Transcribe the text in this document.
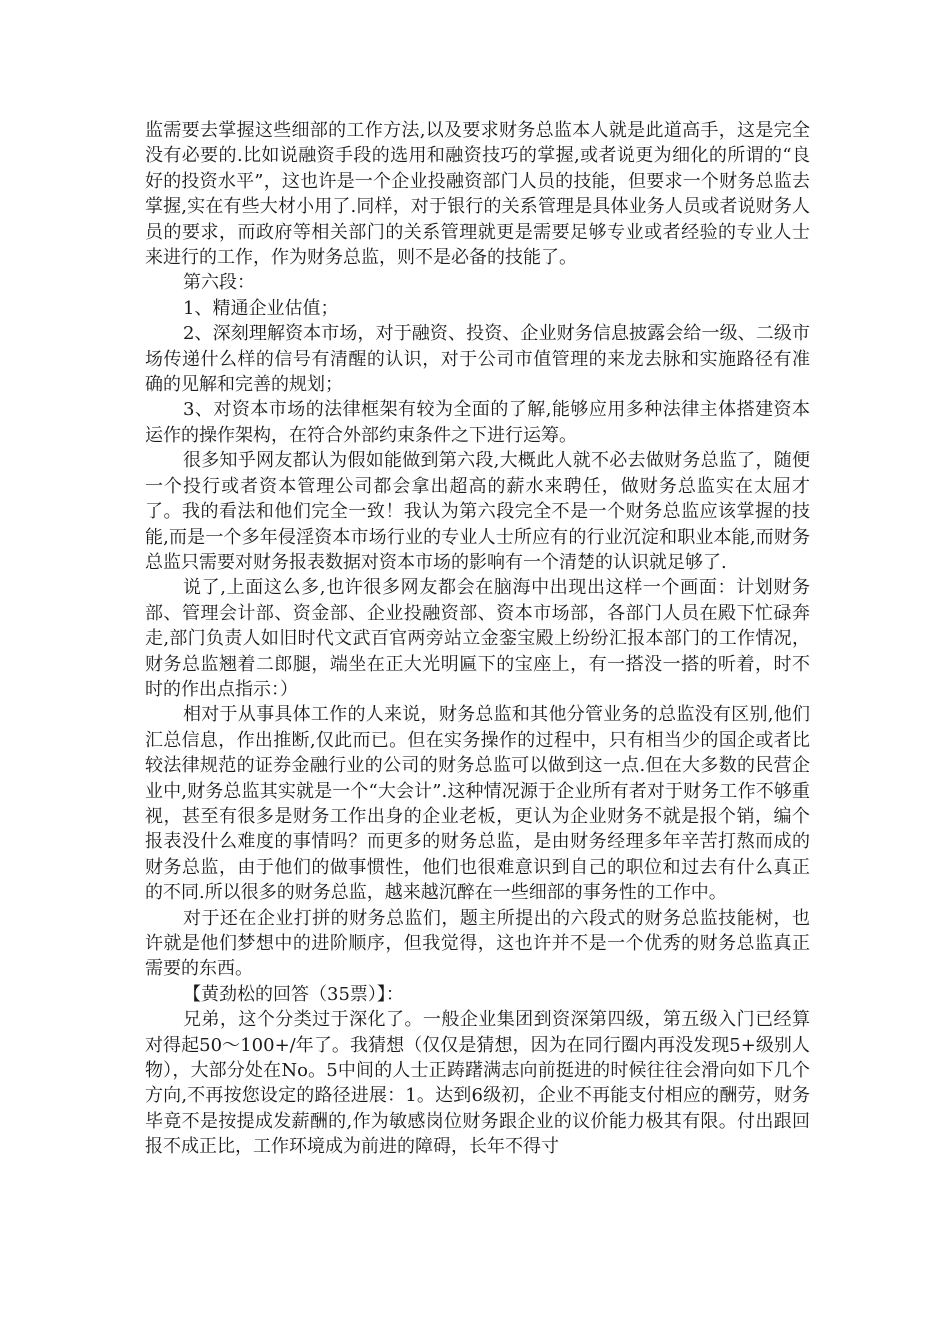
监需要去掌握这些细部的工作方法,以及要求财务总监本人就是此道高手，这是完全没有必要的.比如说融资手段的选用和融资技巧的掌握,或者说更为细化的所谓的“良好的投资水平”，这也许是一个企业投融资部门人员的技能，但要求一个财务总监去掌握,实在有些大材小用了.同样，对于银行的关系管理是具体业务人员或者说财务人员的要求，而政府等相关部门的关系管理就更是需要足够专业或者经验的专业人士来进行的工作，作为财务总监，则不是必备的技能了。

第六段：

1、精通企业估值；

2、深刻理解资本市场，对于融资、投资、企业财务信息披露会给一级、二级市场传递什么样的信号有清醒的认识，对于公司市值管理的来龙去脉和实施路径有准确的见解和完善的规划；

3、对资本市场的法律框架有较为全面的了解,能够应用多种法律主体搭建资本运作的操作架构，在符合外部约束条件之下进行运筹。

很多知乎网友都认为假如能做到第六段,大概此人就不必去做财务总监了，随便一个投行或者资本管理公司都会拿出超高的薪水来聘任，做财务总监实在太屈才了。我的看法和他们完全一致！我认为第六段完全不是一个财务总监应该掌握的技能,而是一个多年侵淫资本市场行业的专业人士所应有的行业沉淀和职业本能,而财务总监只需要对财务报表数据对资本市场的影响有一个清楚的认识就足够了.

说了,上面这么多,也许很多网友都会在脑海中出现出这样一个画面：计划财务部、管理会计部、资金部、企业投融资部、资本市场部，各部门人员在殿下忙碌奔走,部门负责人如旧时代文武百官两旁站立金銮宝殿上纷纷汇报本部门的工作情况，财务总监翘着二郎腿，端坐在正大光明匾下的宝座上，有一搭没一搭的听着，时不时的作出点指示：）

相对于从事具体工作的人来说，财务总监和其他分管业务的总监没有区别,他们汇总信息，作出推断,仅此而已。但在实务操作的过程中，只有相当少的国企或者比较法律规范的证券金融行业的公司的财务总监可以做到这一点.但在大多数的民营企业中,财务总监其实就是一个“大会计”.这种情况源于企业所有者对于财务工作不够重视，甚至有很多是财务工作出身的企业老板，更认为企业财务不就是报个销，编个报表没什么难度的事情吗？而更多的财务总监，是由财务经理多年辛苦打熬而成的财务总监，由于他们的做事惯性，他们也很难意识到自己的职位和过去有什么真正的不同.所以很多的财务总监，越来越沉醉在一些细部的事务性的工作中。

对于还在企业打拼的财务总监们，题主所提出的六段式的财务总监技能树，也许就是他们梦想中的进阶顺序，但我觉得，这也许并不是一个优秀的财务总监真正需要的东西。

【黄劲松的回答（35票）】：

兄弟，这个分类过于深化了。一般企业集团到资深第四级，第五级入门已经算对得起50～100+/年了。我猜想（仅仅是猜想，因为在同行圈内再没发现5+级别人物），大部分处在No。5中间的人士正踌躇满志向前挺进的时候往往会滑向如下几个方向,不再按您设定的路径进展：1。达到6级初，企业不再能支付相应的酬劳，财务毕竟不是按提成发薪酬的,作为敏感岗位财务跟企业的议价能力极其有限。付出跟回报不成正比，工作环境成为前进的障碍，长年不得寸
